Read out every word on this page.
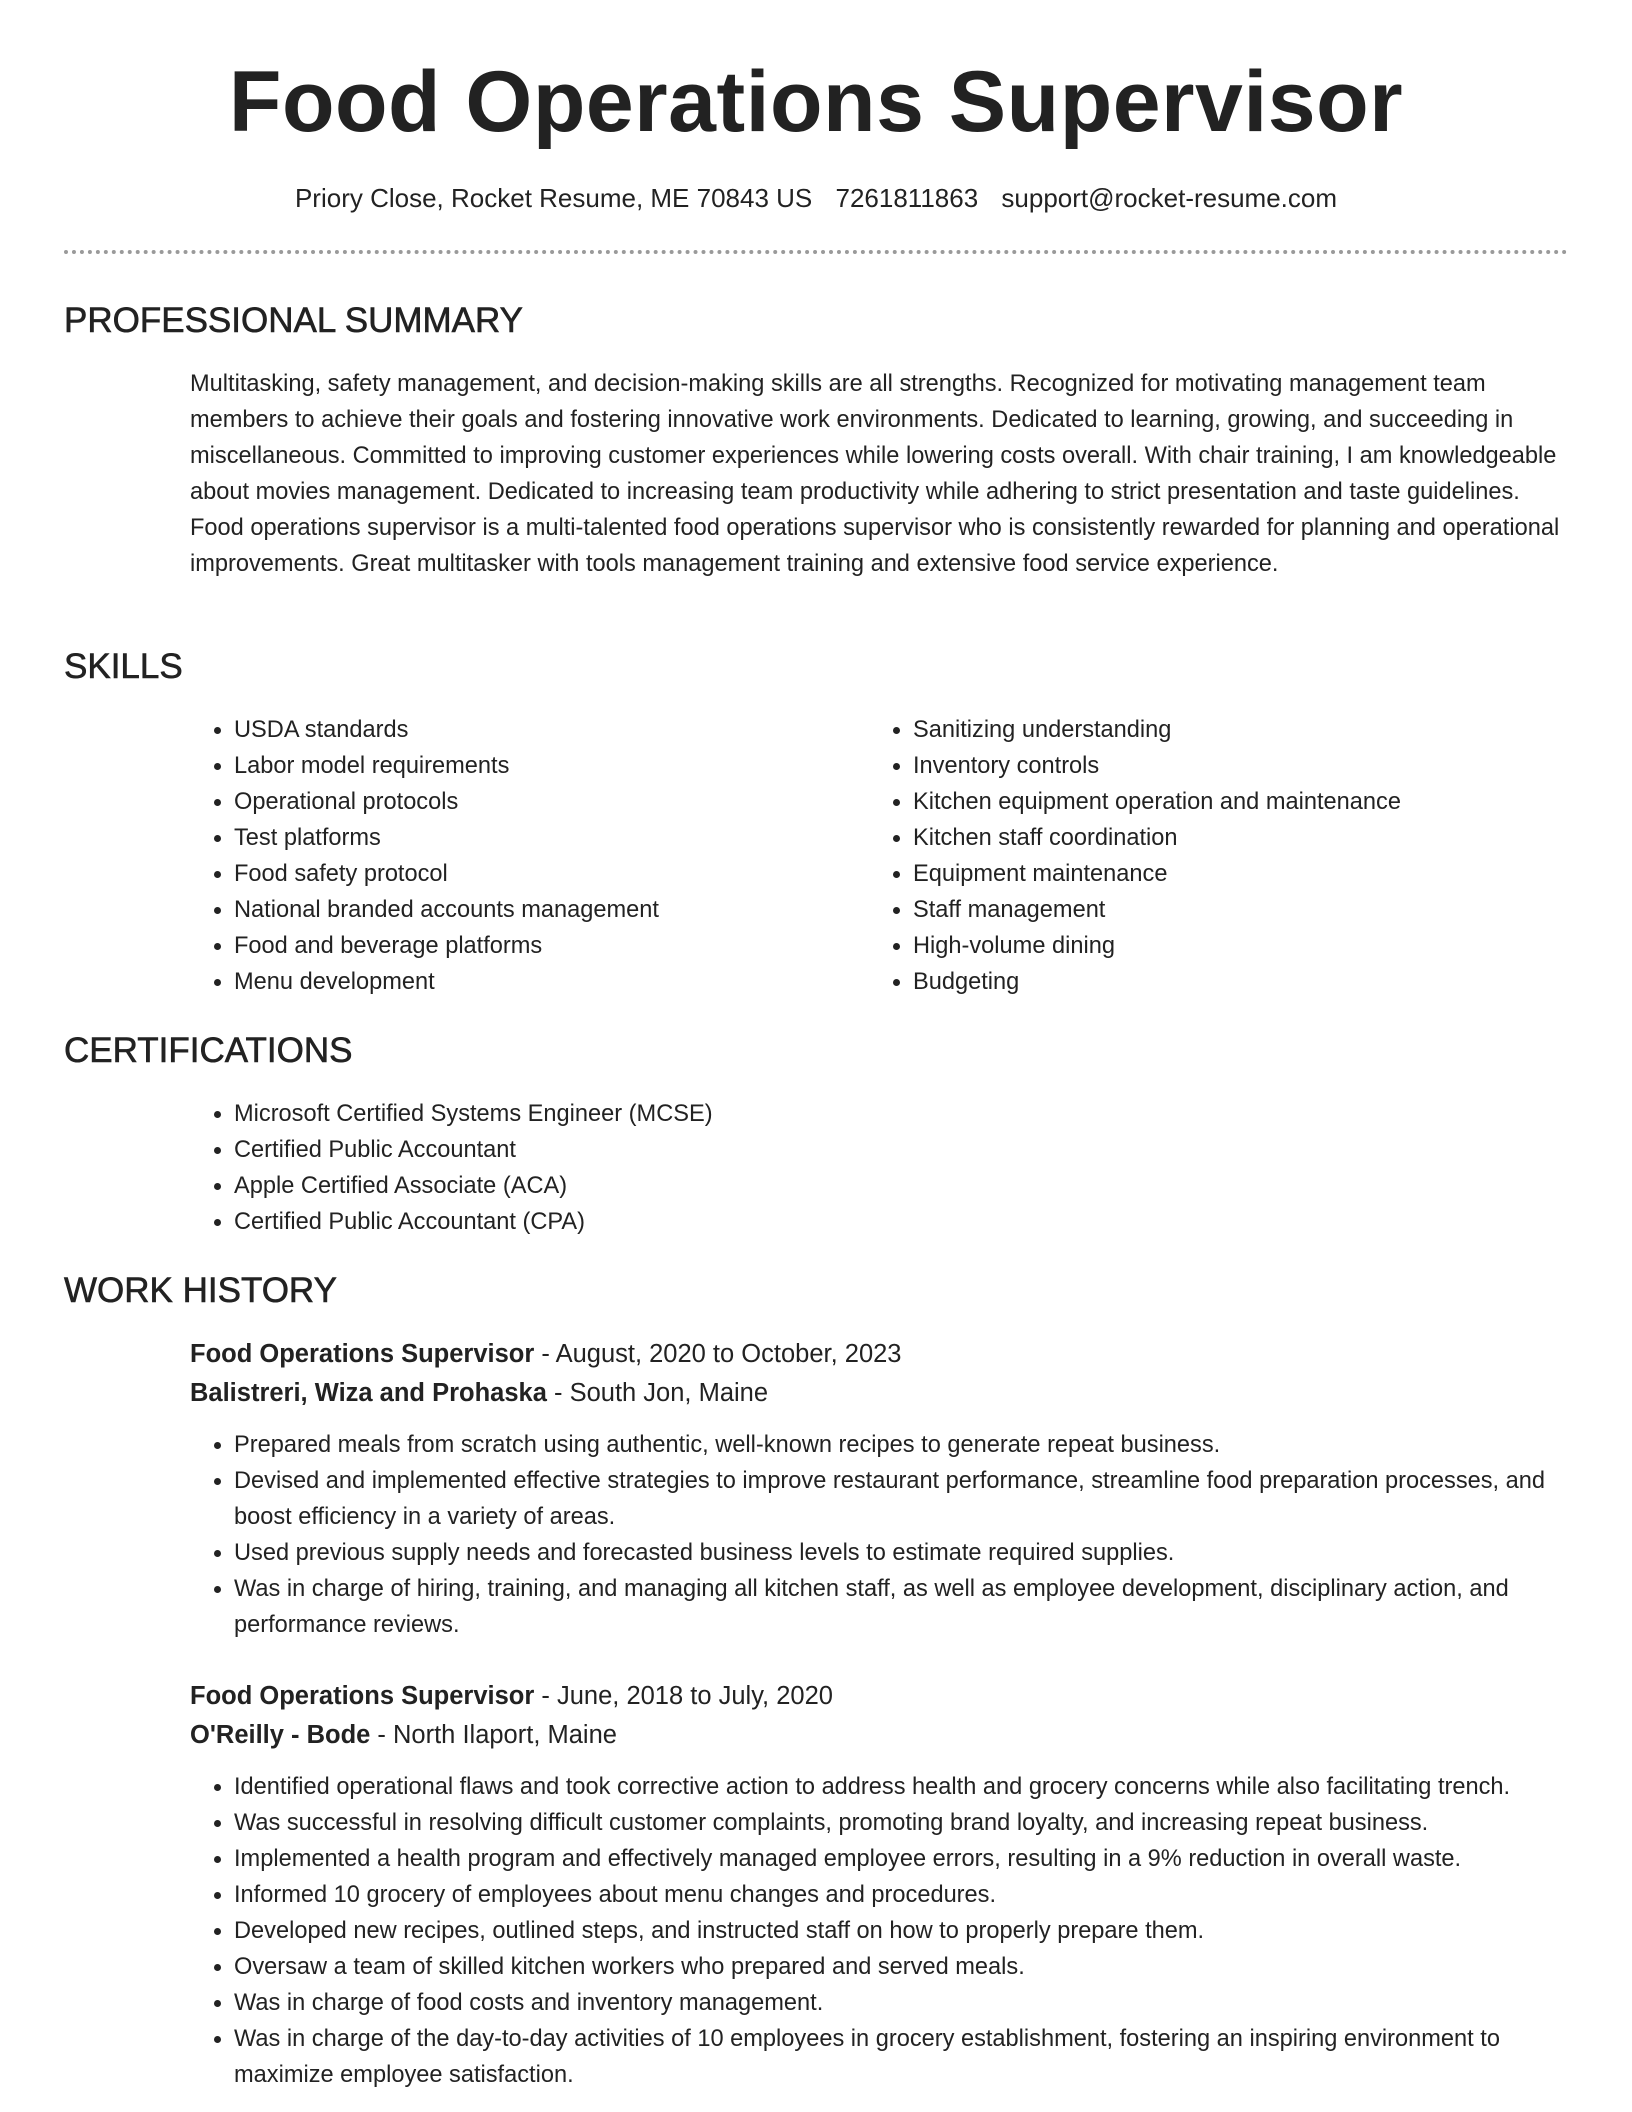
Food Operations Supervisor
Priory Close, Rocket Resume, ME 70843 US 7261811863 support@rocket-resume.com
PROFESSIONAL SUMMARY

Multitasking, safety management, and decision-making skills are all strengths. Recognized for motivating management team members to achieve their goals and fostering innovative work environments. Dedicated to learning, growing, and succeeding in miscellaneous. Committed to improving customer experiences while lowering costs overall. With chair training, I am knowledgeable about movies management. Dedicated to increasing team productivity while adhering to strict presentation and taste guidelines. Food operations supervisor is a multi-talented food operations supervisor who is consistently rewarded for planning and operational improvements. Great multitasker with tools management training and extensive food service experience.

SKILLS
• USDA standards
• Labor model requirements
• Operational protocols
• Test platforms
• Food safety protocol
• National branded accounts management
• Food and beverage platforms
• Menu development
• Sanitizing understanding
• Inventory controls
• Kitchen equipment operation and maintenance
• Kitchen staff coordination
• Equipment maintenance
• Staff management
• High-volume dining
• Budgeting
CERTIFICATIONS
• Microsoft Certified Systems Engineer (MCSE)
• Certified Public Accountant
• Apple Certified Associate (ACA)
• Certified Public Accountant (CPA)
WORK HISTORY
Food Operations Supervisor - August, 2020 to October, 2023
Balistreri, Wiza and Prohaska - South Jon, Maine
• Prepared meals from scratch using authentic, well-known recipes to generate repeat business.
• Devised and implemented effective strategies to improve restaurant performance, streamline food preparation processes, and boost efficiency in a variety of areas.
• Used previous supply needs and forecasted business levels to estimate required supplies.
• Was in charge of hiring, training, and managing all kitchen staff, as well as employee development, disciplinary action, and performance reviews.
Food Operations Supervisor - June, 2018 to July, 2020
O'Reilly - Bode - North Ilaport, Maine
• Identified operational flaws and took corrective action to address health and grocery concerns while also facilitating trench.
• Was successful in resolving difficult customer complaints, promoting brand loyalty, and increasing repeat business.
• Implemented a health program and effectively managed employee errors, resulting in a 9% reduction in overall waste.
• Informed 10 grocery of employees about menu changes and procedures.
• Developed new recipes, outlined steps, and instructed staff on how to properly prepare them.
• Oversaw a team of skilled kitchen workers who prepared and served meals.
• Was in charge of food costs and inventory management.
• Was in charge of the day-to-day activities of 10 employees in grocery establishment, fostering an inspiring environment to maximize employee satisfaction.
